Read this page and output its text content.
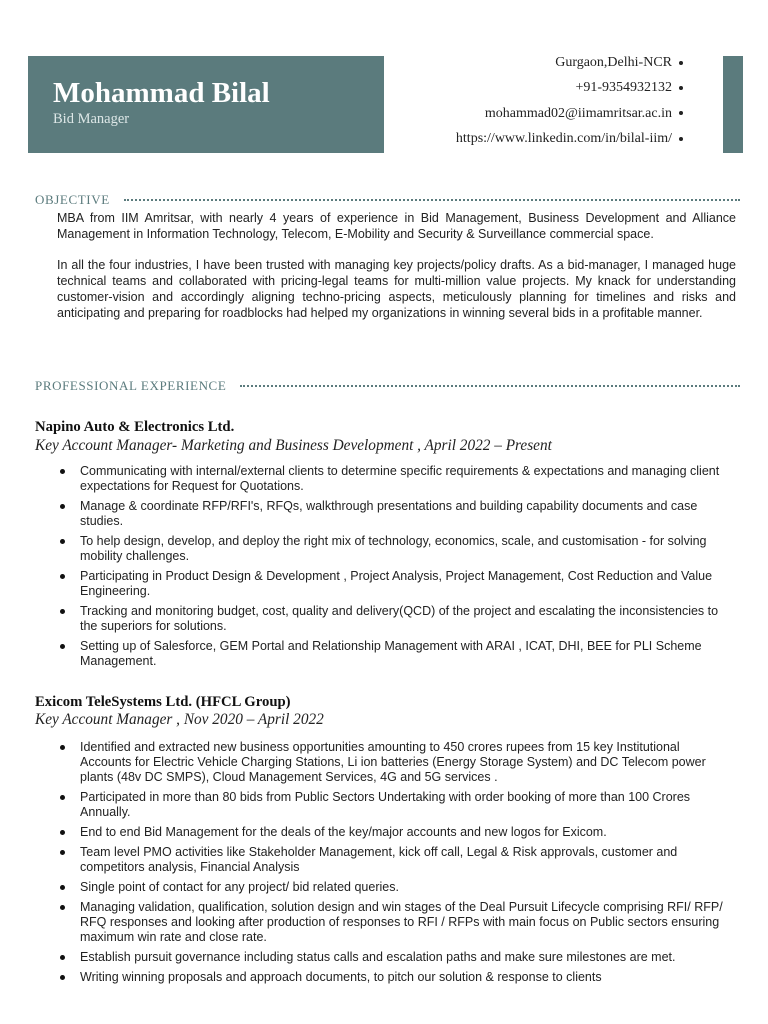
Mohammad Bilal
Bid Manager
Gurgaon,Delhi-NCR
+91-9354932132
mohammad02@iimamritsar.ac.in
https://www.linkedin.com/in/bilal-iim/
OBJECTIVE

MBA from IIM Amritsar, with nearly 4 years of experience in Bid Management, Business Development and Alliance Management in Information Technology, Telecom, E-Mobility and Security & Surveillance commercial space.

In all the four industries, I have been trusted with managing key projects/policy drafts. As a bid-manager, I managed huge technical teams and collaborated with pricing-legal teams for multi-million value projects. My knack for understanding customer-vision and accordingly aligning techno-pricing aspects, meticulously planning for timelines and risks and anticipating and preparing for roadblocks had helped my organizations in winning several bids in a profitable manner.

PROFESSIONAL EXPERIENCE
Napino Auto & Electronics Ltd.
Key Account Manager- Marketing and Business Development , April 2022 – Present
Communicating with internal/external clients to determine specific requirements & expectations and managing client expectations for Request for Quotations.
Manage & coordinate RFP/RFI's, RFQs, walkthrough presentations and building capability documents and case studies.
To help design, develop, and deploy the right mix of technology, economics, scale, and customisation - for solving mobility challenges.
Participating in Product Design & Development , Project Analysis, Project Management, Cost Reduction and Value Engineering.
Tracking and monitoring budget, cost, quality and delivery(QCD) of the project and escalating the inconsistencies to the superiors for solutions.
Setting up of Salesforce, GEM Portal and Relationship Management with ARAI , ICAT, DHI, BEE for PLI Scheme Management.
Exicom TeleSystems Ltd. (HFCL Group)
Key Account Manager , Nov 2020 – April 2022
Identified and extracted new business opportunities amounting to 450 crores rupees from 15 key Institutional Accounts for Electric Vehicle Charging Stations, Li ion batteries (Energy Storage System) and DC Telecom power plants (48v DC SMPS), Cloud Management Services, 4G and 5G services .
Participated in more than 80 bids from Public Sectors Undertaking with order booking of more than 100 Crores Annually.
End to end Bid Management for the deals of the key/major accounts and new logos for Exicom.
Team level PMO activities like Stakeholder Management, kick off call, Legal & Risk approvals, customer and competitors analysis, Financial Analysis
Single point of contact for any project/ bid related queries.
Managing validation, qualification, solution design and win stages of the Deal Pursuit Lifecycle comprising RFI/ RFP/ RFQ responses and looking after production of responses to RFI / RFPs with main focus on Public sectors ensuring maximum win rate and close rate.
Establish pursuit governance including status calls and escalation paths and make sure milestones are met.
Writing winning proposals and approach documents, to pitch our solution & response to clients
